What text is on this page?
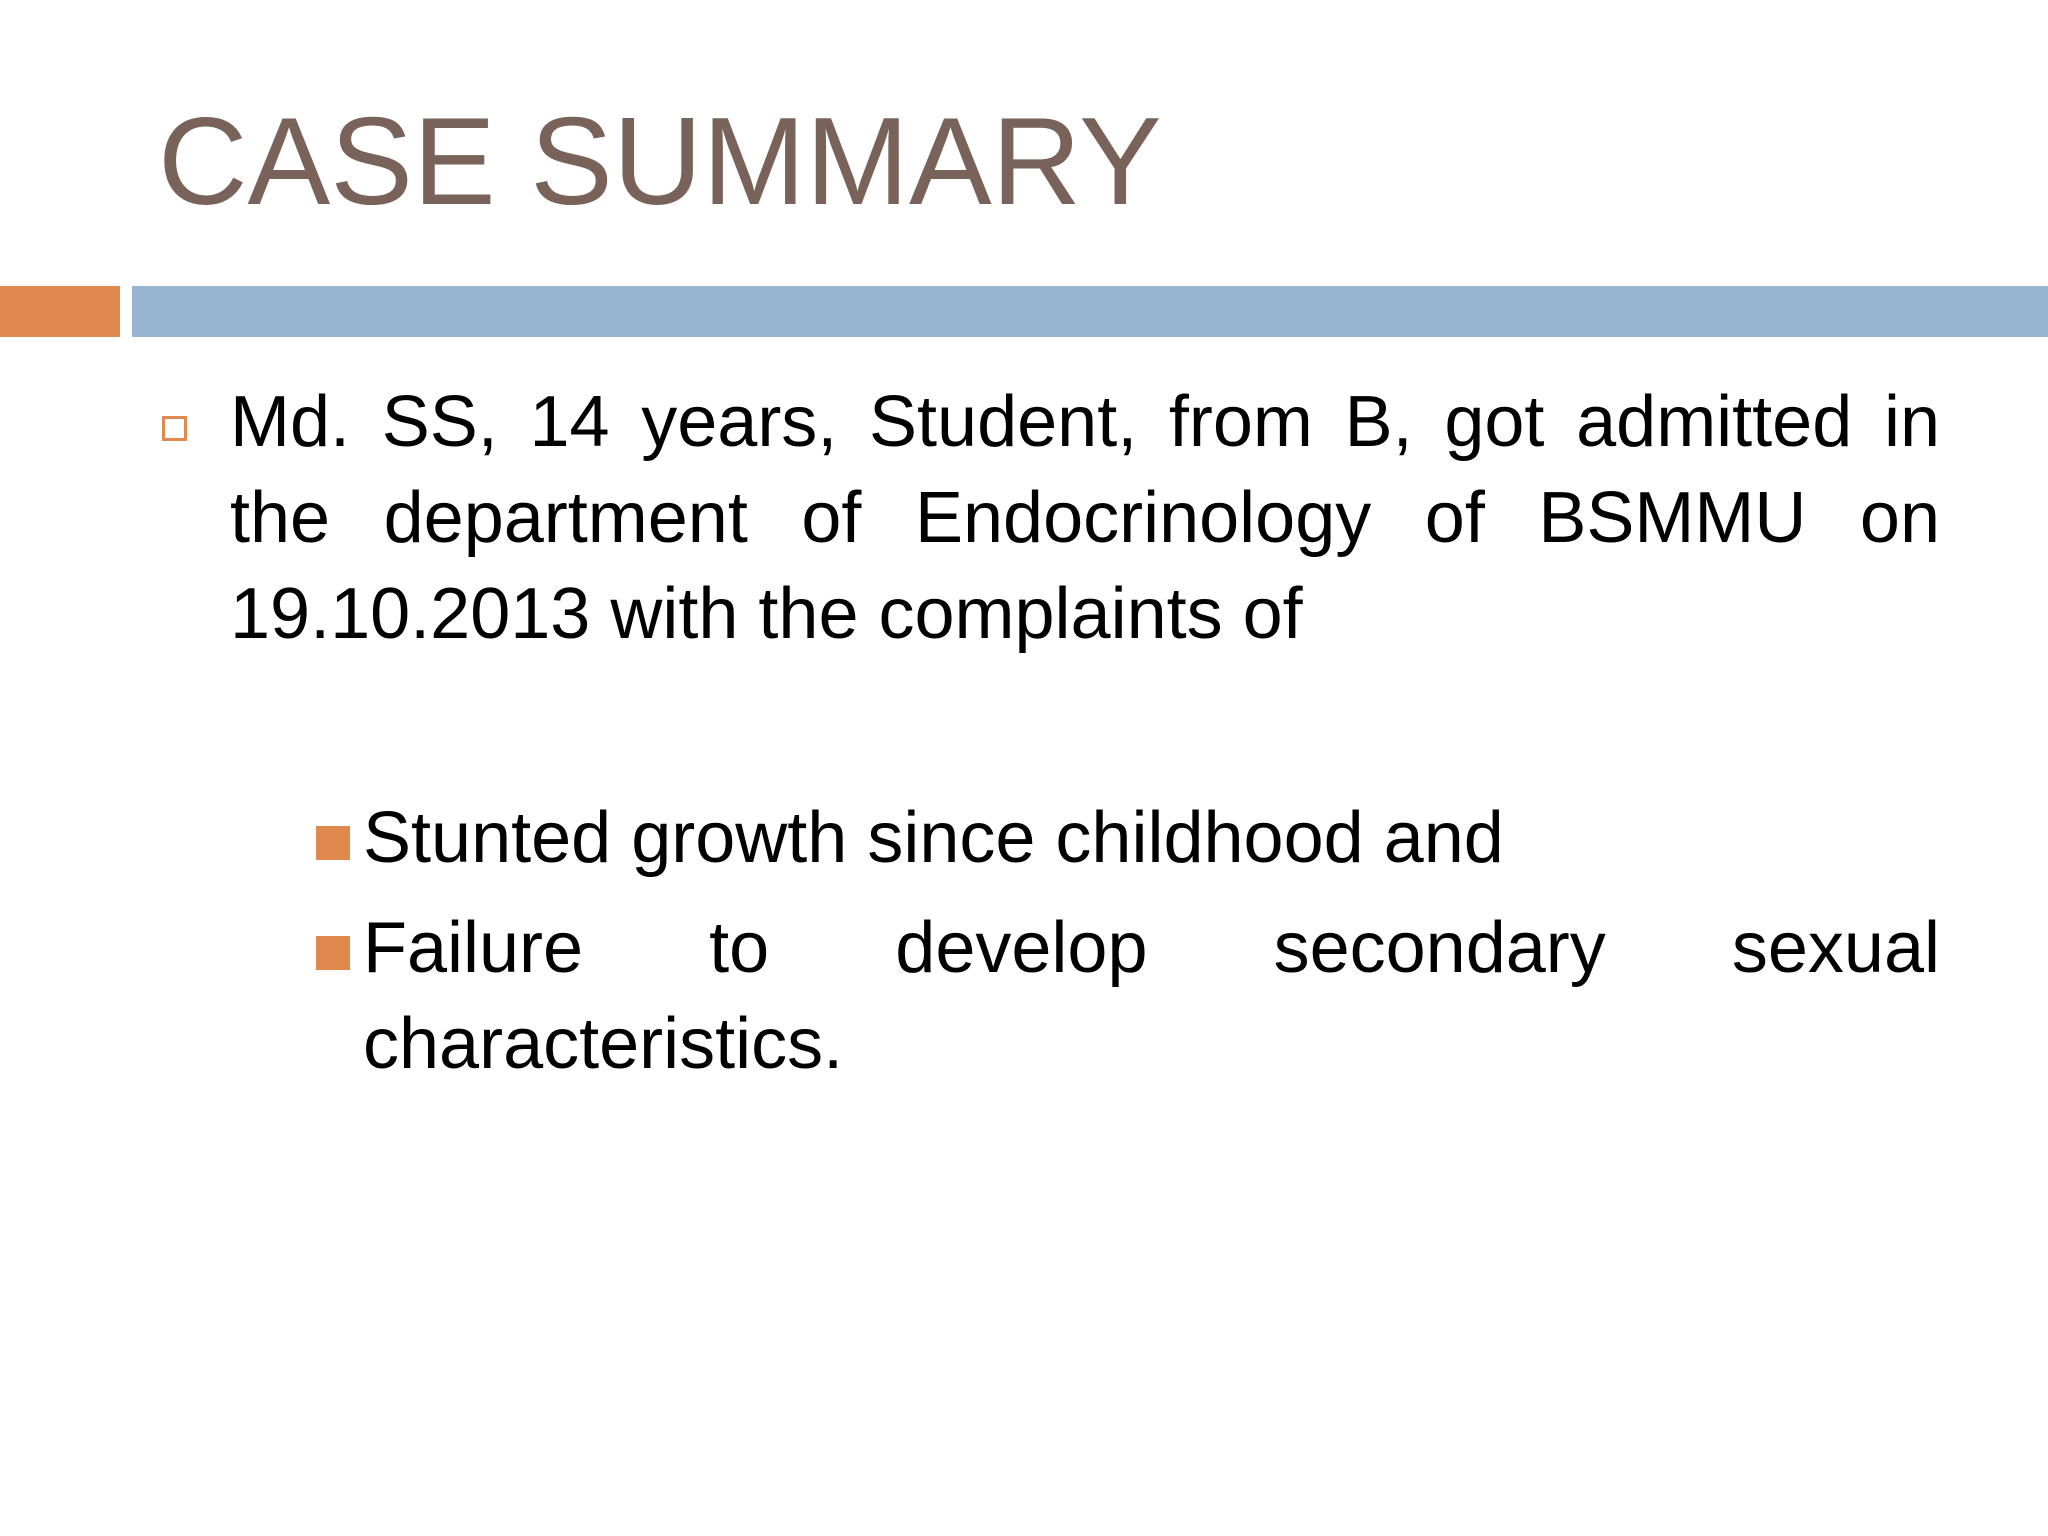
CASE SUMMARY

Md. SS, 14 years, Student, from B, got admitted in the department of Endocrinology of BSMMU on 19.10.2013 with the complaints of

Stunted growth since childhood and

Failure to develop secondary sexual characteristics.
